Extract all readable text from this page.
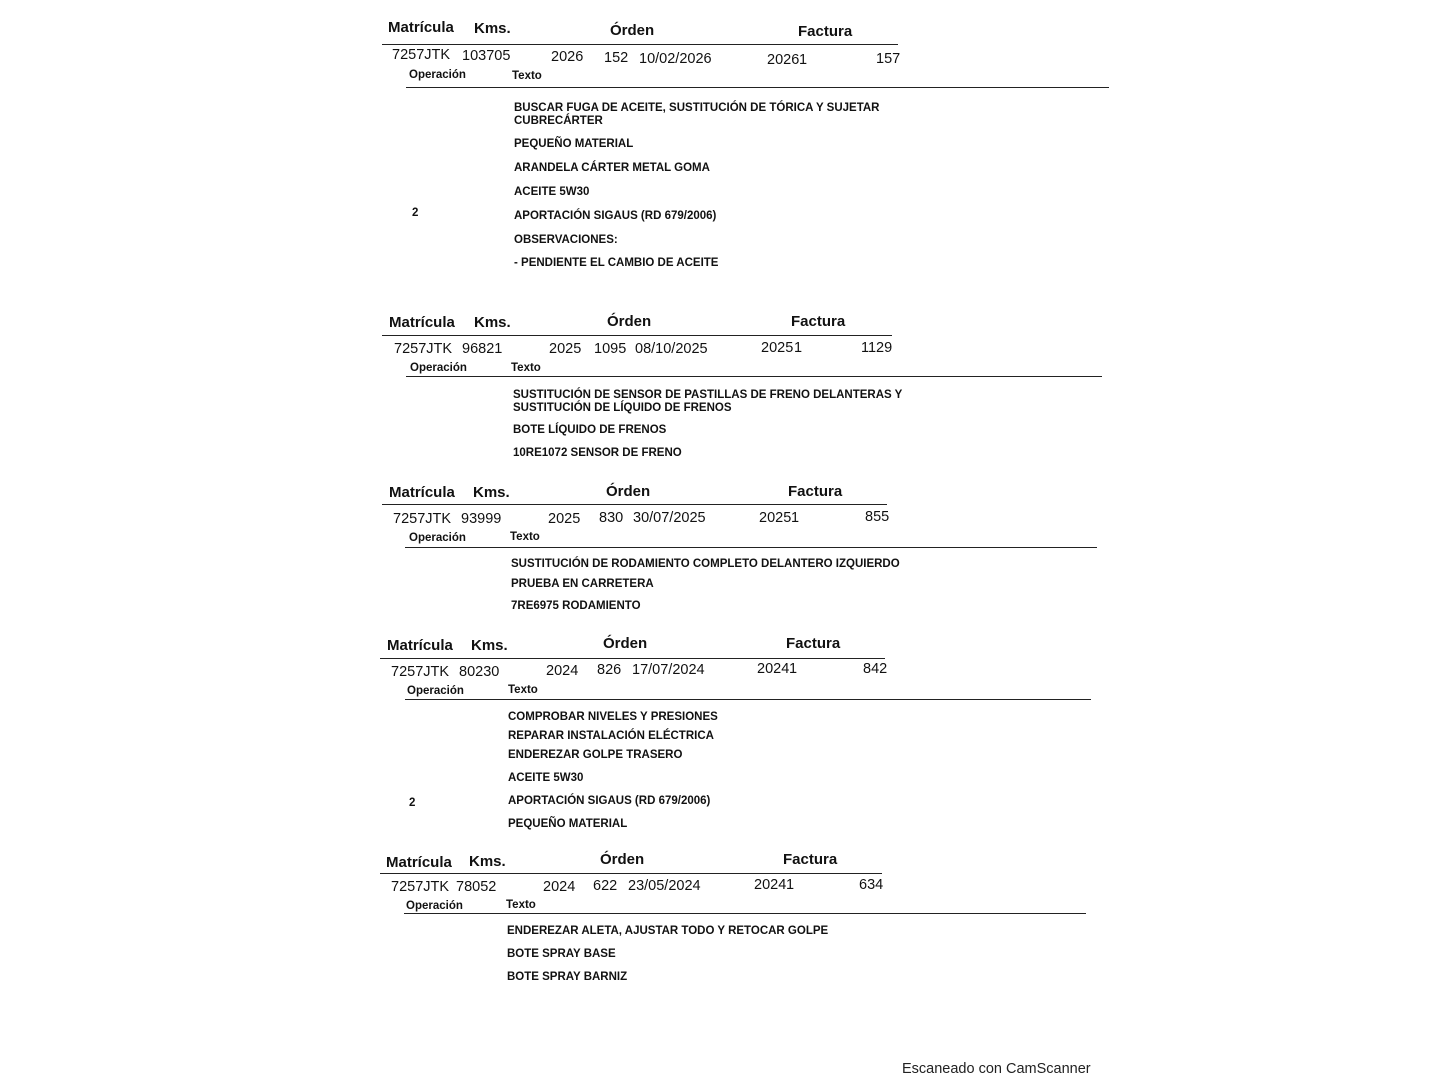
Matrícula Kms.	Órden	Factura
7257JTK 103705	2026 152 10/02/2026	2026 1	157
Operación	Texto
2
BUSCAR FUGA DE ACEITE, SUSTITUCIÓN DE TÓRICA Y SUJETAR
CUBRECÁRTER
PEQUEÑO MATERIAL
ARANDELA CÁRTER METAL GOMA
ACEITE 5W30
APORTACIÓN SIGAUS (RD 679/2006)
OBSERVACIONES:
- PENDIENTE EL CAMBIO DE ACEITE
Matrícula Kms.	Órden	Factura
7257JTK 96821	2025 1095 08/10/2025	2025 1	1129
Operación	Texto
SUSTITUCIÓN DE SENSOR DE PASTILLAS DE FRENO DELANTERAS Y
SUSTITUCIÓN DE LÍQUIDO DE FRENOS
BOTE LÍQUIDO DE FRENOS
10RE1072 SENSOR DE FRENO
Matrícula Kms.	Órden	Factura
7257JTK 93999	2025 830 30/07/2025	2025 1	855
Operación	Texto
SUSTITUCIÓN DE RODAMIENTO COMPLETO DELANTERO IZQUIERDO
PRUEBA EN CARRETERA
7RE6975 RODAMIENTO
Matrícula Kms.	Órden	Factura
7257JTK 80230	2024 826 17/07/2024	2024 1	842
Operación	Texto
2
COMPROBAR NIVELES Y PRESIONES
REPARAR INSTALACIÓN ELÉCTRICA
ENDEREZAR GOLPE TRASERO
ACEITE 5W30
APORTACIÓN SIGAUS (RD 679/2006)
PEQUEÑO MATERIAL
Matrícula Kms.	Órden	Factura
7257JTK 78052	2024 622 23/05/2024	2024 1	634
Operación	Texto
ENDEREZAR ALETA, AJUSTAR TODO Y RETOCAR GOLPE
BOTE SPRAY BASE
BOTE SPRAY BARNIZ
Escaneado con CamScanner
